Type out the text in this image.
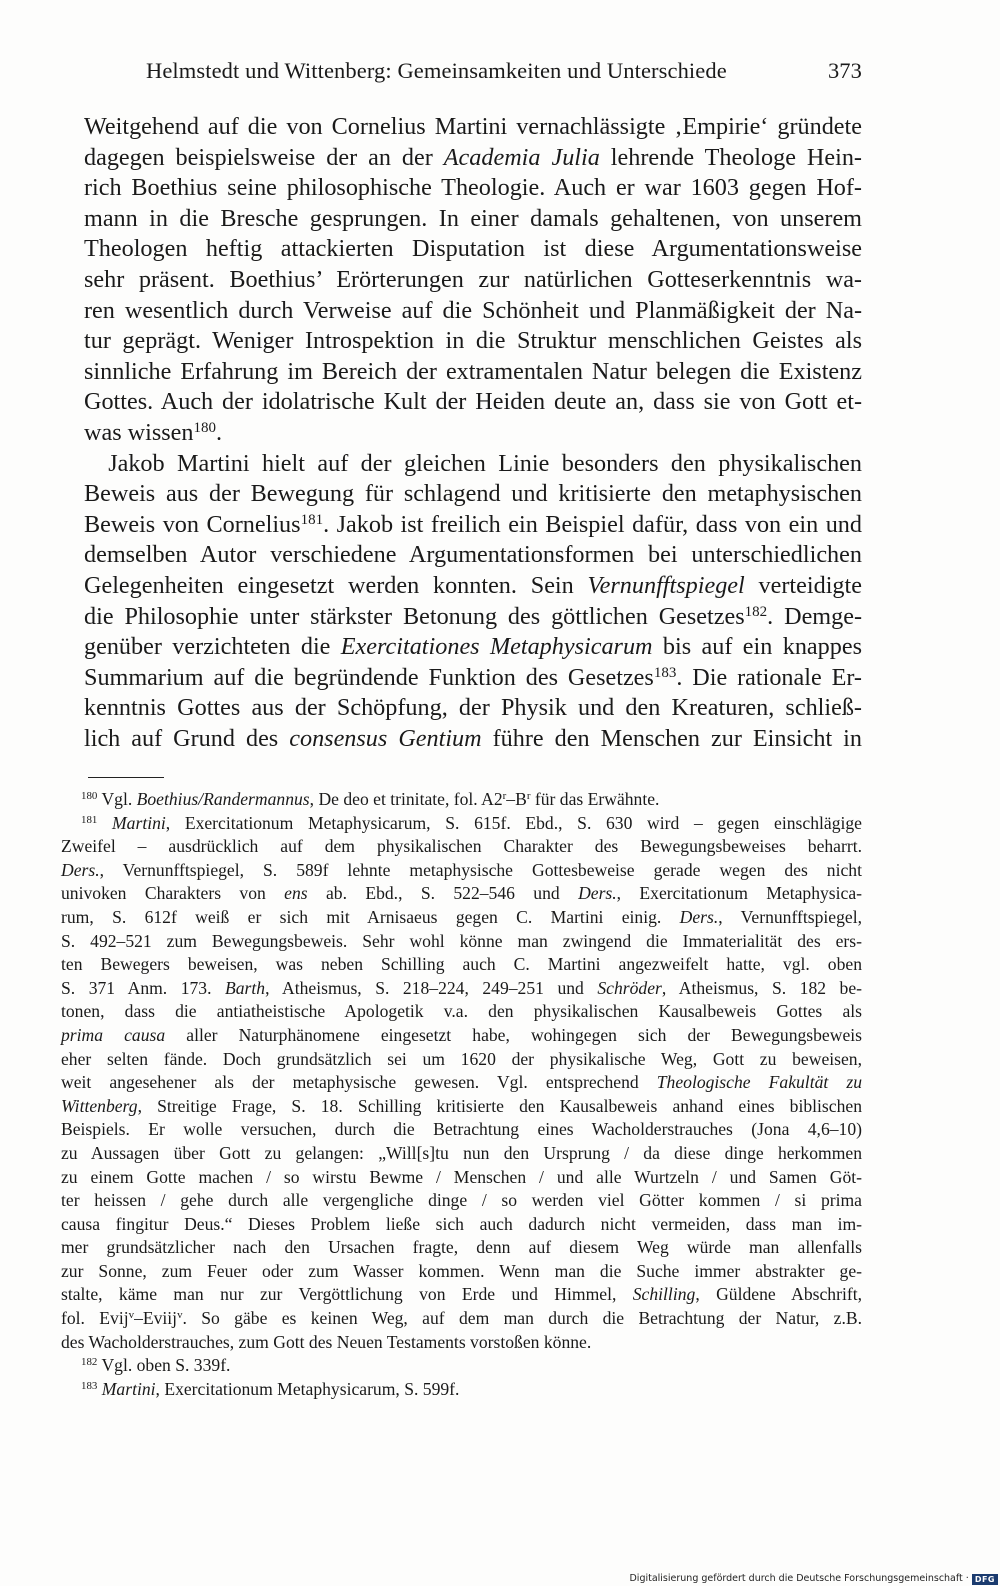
Helmstedt und Wittenberg: Gemeinsamkeiten und Unterschiede	373
Weitgehend auf die von Cornelius Martini vernachlässigte ‚Empirie‘ gründete
dagegen beispielsweise der an der Academia Julia lehrende Theologe Hein-
rich Boethius seine philosophische Theologie. Auch er war 1603 gegen Hof-
mann in die Bresche gesprungen. In einer damals gehaltenen, von unserem
Theologen heftig attackierten Disputation ist diese Argumentationsweise
sehr präsent. Boethius’ Erörterungen zur natürlichen Gotteserkenntnis wa-
ren wesentlich durch Verweise auf die Schönheit und Planmäßigkeit der Na-
tur geprägt. Weniger Introspektion in die Struktur menschlichen Geistes als
sinnliche Erfahrung im Bereich der extramentalen Natur belegen die Existenz
Gottes. Auch der idolatrische Kult der Heiden deute an, dass sie von Gott et-
was wissen$^{180}$.
 Jakob Martini hielt auf der gleichen Linie besonders den physikalischen
Beweis aus der Bewegung für schlagend und kritisierte den metaphysischen
Beweis von Cornelius$^{181}$. Jakob ist freilich ein Beispiel dafür, dass von ein und
demselben Autor verschiedene Argumentationsformen bei unterschiedlichen
Gelegenheiten eingesetzt werden konnten. Sein Vernunfftspiegel verteidigte
die Philosophie unter stärkster Betonung des göttlichen Gesetzes$^{182}$. Demge-
genüber verzichteten die Exercitationes Metaphysicarum bis auf ein knappes
Summarium auf die begründende Funktion des Gesetzes$^{183}$. Die rationale Er-
kenntnis Gottes aus der Schöpfung, der Physik und den Kreaturen, schließ-
lich auf Grund des consensus Gentium führe den Menschen zur Einsicht in
$^{180}$ Vgl. Boethius/Randermannus, De deo et trinitate, fol. $A2^r-B^r$ für das Erwähnte.
$^{181}$ Martini, Exercitationum Metaphysicarum, S. 615f. Ebd., S. 630 wird – gegen einschlägige
Zweifel – ausdrücklich auf dem physikalischen Charakter des Bewegungsbeweises beharrt.
Ders., Vernunfftspiegel, S. 589f lehnte metaphysische Gottesbeweise gerade wegen des nicht
univoken Charakters von ens ab. Ebd., S. 522–546 und Ders., Exercitationum Metaphysica-
rum, S. 612f weiß er sich mit Arnisaeus gegen C. Martini einig. Ders., Vernunfftspiegel,
S. 492–521 zum Bewegungsbeweis. Sehr wohl könne man zwingend die Immaterialität des ers-
ten Bewegers beweisen, was neben Schilling auch C. Martini angezweifelt hatte, vgl. oben
S. 371 Anm. 173. Barth, Atheismus, S. 218–224, 249–251 und Schröder, Atheismus, S. 182 be-
tonen, dass die antiatheistische Apologetik v.a. den physikalischen Kausalbeweis Gottes als
prima causa aller Naturphänomene eingesetzt habe, wohingegen sich der Bewegungsbeweis
eher selten fände. Doch grundsätzlich sei um 1620 der physikalische Weg, Gott zu beweisen,
weit angesehener als der metaphysische gewesen. Vgl. entsprechend Theologische Fakultät zu
Wittenberg, Streitige Frage, S. 18. Schilling kritisierte den Kausalbeweis anhand eines biblischen
Beispiels. Er wolle versuchen, durch die Betrachtung eines Wacholderstrauches (Jona 4,6–10)
zu Aussagen über Gott zu gelangen: „Will[s]tu nun den Ursprung / da diese dinge herkommen
zu einem Gotte machen / so wirstu Bewme / Menschen / und alle Wurtzeln / und Samen Göt-
ter heissen / gehe durch alle vergengliche dinge / so werden viel Götter kommen / si prima
causa fingitur Deus.“ Dieses Problem ließe sich auch dadurch nicht vermeiden, dass man im-
mer grundsätzlicher nach den Ursachen fragte, denn auf diesem Weg würde man allenfalls
zur Sonne, zum Feuer oder zum Wasser kommen. Wenn man die Suche immer abstrakter ge-
stalte, käme man nur zur Vergöttlichung von Erde und Himmel, Schilling, Güldene Abschrift,
fol. Evij$^v$–Eviij$^v$. So gäbe es keinen Weg, auf dem man durch die Betrachtung der Natur, z.B.
des Wacholderstrauches, zum Gott des Neuen Testaments vorstoßen könne.
$^{182}$ Vgl. oben S. 339f.
$^{183}$ Martini, Exercitationum Metaphysicarum, S. 599f.
Digitalisierung gefördert durch die Deutsche Forschungsgemeinschaft · DFG
